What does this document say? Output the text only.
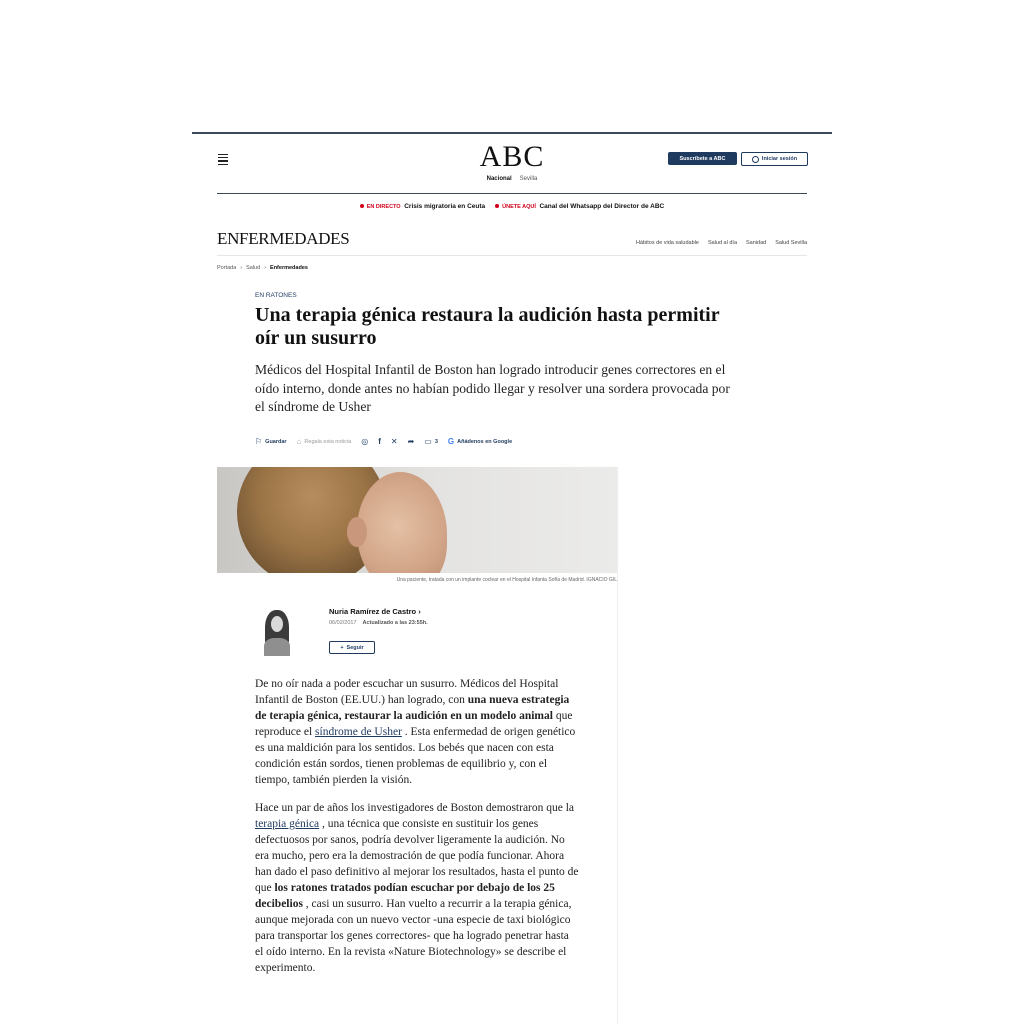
ABC
Nacional Sevilla
Suscríbete a ABC	Iniciar sesión
EN DIRECTO Crisis migratoria en Ceuta	ÚNETE AQUÍ Canal del Whatsapp del Director de ABC
ENFERMEDADES	Hábitos de vida saludable Salud al día Sanidad Salud Sevilla
Portada › Salud › Enfermedades
EN RATONES
Una terapia génica restaura la audición hasta permitir oír un susurro

Médicos del Hospital Infantil de Boston han logrado introducir genes correctores en el oído interno, donde antes no habían podido llegar y resolver una sordera provocada por el síndrome de Usher

⚐ Guardar ⌂ Regala esta noticia ◎ f ✕ ➦ ▭ 3 G Añádenos en Google
Una paciente, tratada con un implante coclear en el Hospital Infanta Sofía de Madrid. IGNACIO GIL
Nuria Ramírez de Castro ›
06/02/2017 Actualizado a las 23:55h.
+ Seguir

De no oír nada a poder escuchar un susurro. Médicos del Hospital Infantil de Boston (EE.UU.) han logrado, con una nueva estrategia de terapia génica, restaurar la audición en un modelo animal que reproduce el síndrome de Usher . Esta enfermedad de origen genético es una maldición para los sentidos. Los bebés que nacen con esta condición están sordos, tienen problemas de equilibrio y, con el tiempo, también pierden la visión.

Hace un par de años los investigadores de Boston demostraron que la terapia génica , una técnica que consiste en sustituir los genes defectuosos por sanos, podría devolver ligeramente la audición. No era mucho, pero era la demostración de que podía funcionar. Ahora han dado el paso definitivo al mejorar los resultados, hasta el punto de que los ratones tratados podían escuchar por debajo de los 25 decibelios , casi un susurro. Han vuelto a recurrir a la terapia génica, aunque mejorada con un nuevo vector -una especie de taxi biológico para transportar los genes correctores- que ha logrado penetrar hasta el oído interno. En la revista «Nature Biotechnology» se describe el experimento.
